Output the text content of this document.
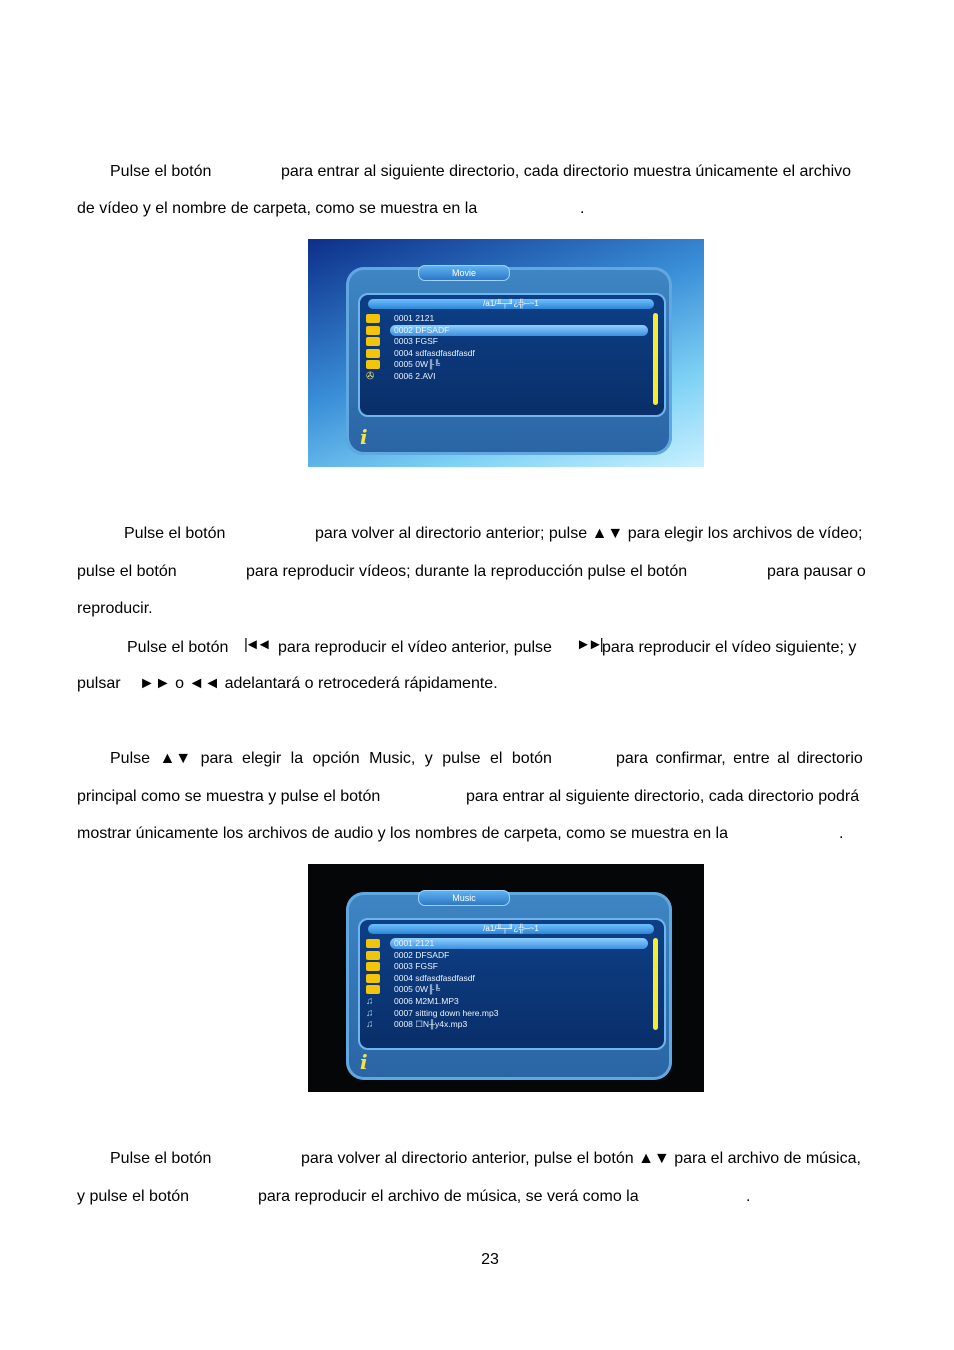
Pulse el botón	para entrar al siguiente directorio, cada directorio muestra únicamente el archivo
de vídeo y el nombre de carpeta, como se muestra en la	.
Movie
/a1/╨┬╜¿╬─~1
0001 2121
0002 DFSADF
0003 FGSF
0004 sdfasdfasdfasdf
0005 0W╟╚
✇	0006 2.AVI
i
Pulse el botón	para volver al directorio anterior; pulse ▲▼ para elegir los archivos de vídeo;
pulse el botón	para reproducir vídeos; durante la reproducción pulse el botón	para pausar o
reproducir.
Pulse el botón |◄◄ para reproducir el vídeo anterior, pulse ►►| para reproducir el vídeo siguiente; y
pulsar ►► o ◄◄ adelantará o retrocederá rápidamente.
Pulse ▲▼ para elegir la opción Music, y pulse el botón	para confirmar, entre al directorio
principal como se muestra y pulse el botón	para entrar al siguiente directorio, cada directorio podrá
mostrar únicamente los archivos de audio y los nombres de carpeta, como se muestra en la	.
Music
/a1/╨┬╜¿╬─~1
0001 2121
0002 DFSADF
0003 FGSF
0004 sdfasdfasdfasdf
0005 0W╟╚
♫	0006 M2M1.MP3
♫	0007 sitting down here.mp3
♫	0008 ☐N╫y4x.mp3
i
Pulse el botón	para volver al directorio anterior, pulse el botón ▲▼ para el archivo de música,
y pulse el botón	para reproducir el archivo de música, se verá como la	.
23
